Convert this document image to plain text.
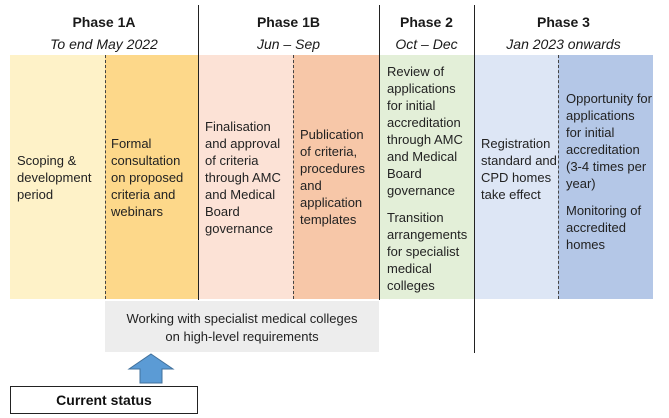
Phase 1A
To end May 2022
Phase 1B
Jun – Sep
Phase 2
Oct – Dec
Phase 3
Jan 2023 onwards

Scoping & development period

Formal consultation on proposed criteria and webinars

Finalisation and approval of criteria through AMC and Medical Board governance

Publication of criteria, procedures and application templates

Review of applications for initial accreditation through AMC and Medical Board governance

Transition arrangements for specialist medical colleges

Registration standard and CPD homes take effect

Opportunity for applications for initial accreditation (3-4 times per year)

Monitoring of accredited homes

Working with specialist medical colleges on high-level requirements
Current status
